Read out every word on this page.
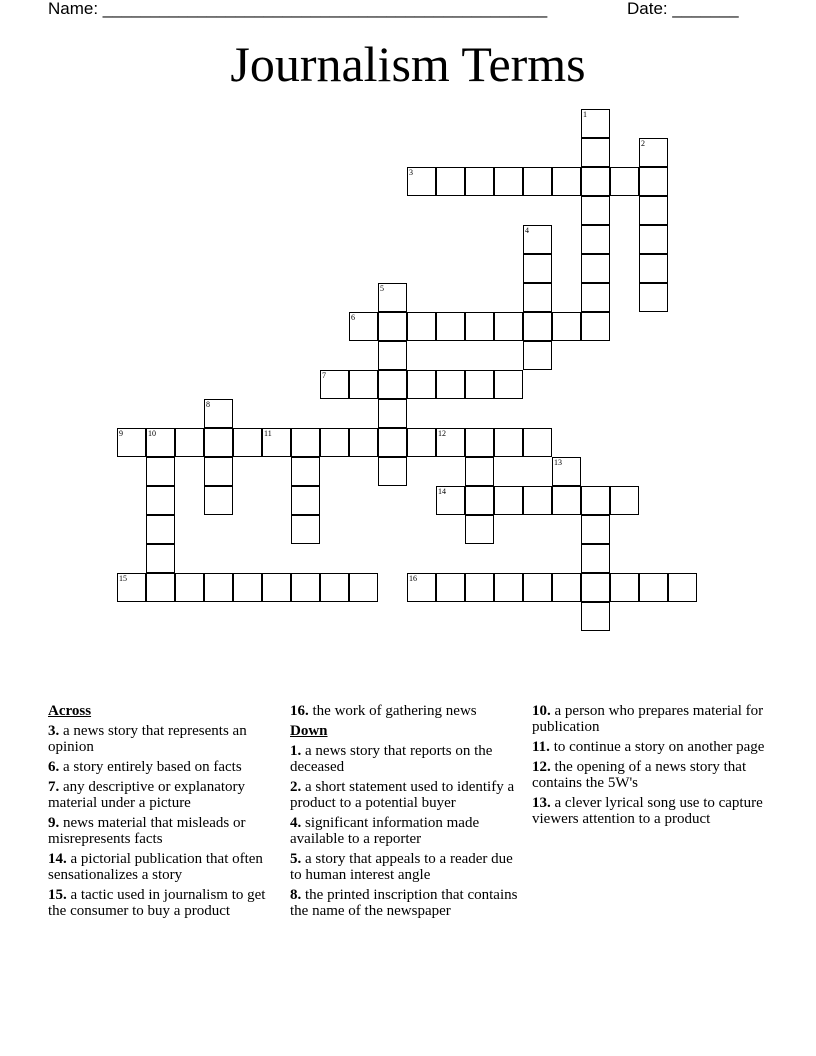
Name: _______________________________________________	Date: _______
Journalism Terms
1
2
3
4
5
6
7
8
9	10	11	12
13
14
15	16
Across
3. a news story that represents an opinion
6. a story entirely based on facts
7. any descriptive or explanatory material under a picture
9. news material that misleads or misrepresents facts
14. a pictorial publication that often sensationalizes a story
15. a tactic used in journalism to get the consumer to buy a product
16. the work of gathering news
Down
1. a news story that reports on the deceased
2. a short statement used to identify a product to a potential buyer
4. significant information made available to a reporter
5. a story that appeals to a reader due to human interest angle
8. the printed inscription that contains the name of the newspaper
10. a person who prepares material for publication
11. to continue a story on another page
12. the opening of a news story that contains the 5W's
13. a clever lyrical song use to capture viewers attention to a product
